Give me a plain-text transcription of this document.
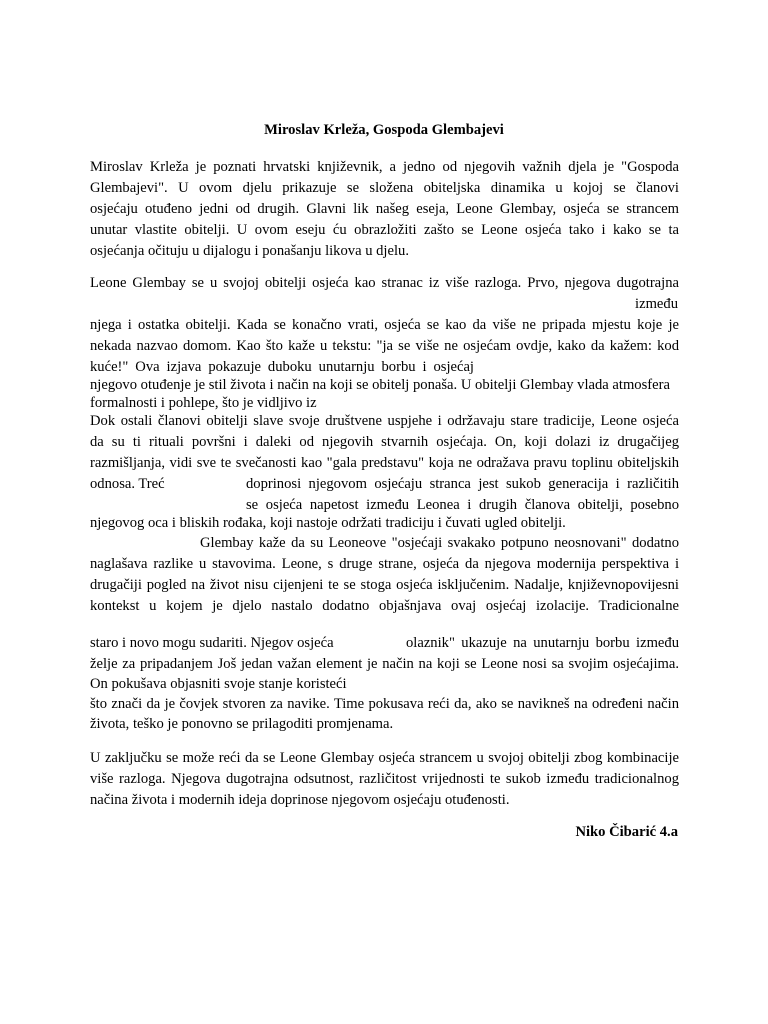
Miroslav Krleža, Gospoda Glembajevi
Miroslav Krleža je poznati hrvatski književnik, a jedno od njegovih važnih djela je "Gospoda
Glembajevi". U ovom djelu prikazuje se složena obiteljska dinamika u kojoj se članovi
osjećaju otuđeno jedni od drugih. Glavni lik našeg eseja, Leone Glembay, osjeća se strancem
unutar vlastite obitelji. U ovom eseju ću obrazložiti zašto se Leone osjeća tako i kako se ta
osjećanja očituju u dijalogu i ponašanju likova u djelu.
Leone Glembay se u svojoj obitelji osjeća kao stranac iz više razloga. Prvo, njegova dugotrajna
između
njega i ostatka obitelji. Kada se konačno vrati, osjeća se kao da više ne pripada mjestu koje je
nekada nazvao domom. Kao što kaže u tekstu: "ja se više ne osjećam ovdje, kako da kažem: kod
kuće!" Ova izjava pokazuje duboku unutarnju borbu i osjećaj
njegovo otuđenje je stil života i način na koji se obitelj ponaša. U obitelji Glembay vlada atmosfera
formalnosti i pohlepe, što je vidljivo iz
Dok ostali članovi obitelji slave svoje društvene uspjehe i održavaju stare tradicije, Leone osjeća
da su ti rituali površni i daleki od njegovih stvarnih osjećaja. On, koji dolazi iz drugačijeg
razmišljanja, vidi sve te svečanosti kao "gala predstavu" koja ne odražava pravu toplinu obiteljskih
odnosa. Treć	doprinosi njegovom osjećaju stranca jest sukob generacija i različitih
se osjeća napetost između Leonea i drugih članova obitelji, posebno
njegovog oca i bliskih rođaka, koji nastoje održati tradiciju i čuvati ugled obitelji.
Glembay kaže da su Leoneove "osjećaji svakako potpuno neosnovani" dodatno
naglašava razlike u stavovima. Leone, s druge strane, osjeća da njegova modernija perspektiva i
drugačiji pogled na život nisu cijenjeni te se stoga osjeća isključenim. Nadalje, književnopovijesni
kontekst u kojem je djelo nastalo dodatno objašnjava ovaj osjećaj izolacije. Tradicionalne
staro i novo mogu sudariti. Njegov osjeća	olaznik" ukazuje na unutarnju borbu između
želje za pripadanjem Još jedan važan element je način na koji se Leone nosi sa svojim osjećajima.
On pokušava objasniti svoje stanje koristeći
što znači da je čovjek stvoren za navike. Time pokusava reći da, ako se navikneš na određeni način
života, teško je ponovno se prilagoditi promjenama.
U zaključku se može reći da se Leone Glembay osjeća strancem u svojoj obitelji zbog kombinacije
više razloga. Njegova dugotrajna odsutnost, različitost vrijednosti te sukob između tradicionalnog
načina života i modernih ideja doprinose njegovom osjećaju otuđenosti.
Niko Čibarić 4.a
